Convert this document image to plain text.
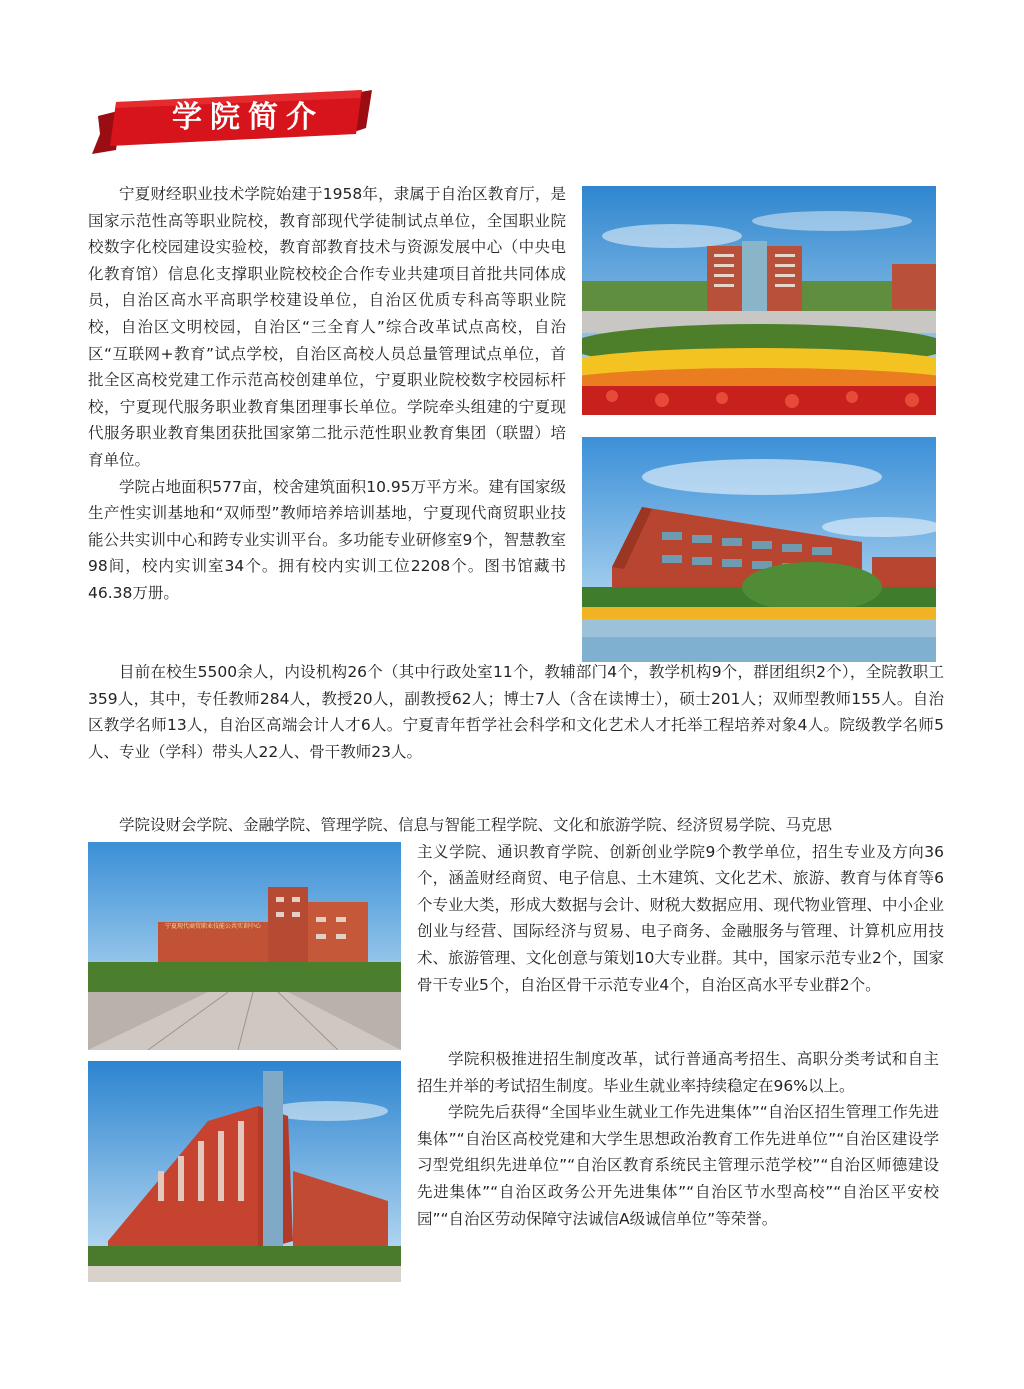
学院简介

宁夏财经职业技术学院始建于1958年，隶属于自治区教育厅，是国家示范性高等职业院校，教育部现代学徒制试点单位，全国职业院校数字化校园建设实验校，教育部教育技术与资源发展中心（中央电化教育馆）信息化支撑职业院校校企合作专业共建项目首批共同体成员，自治区高水平高职学校建设单位，自治区优质专科高等职业院校，自治区文明校园，自治区“三全育人”综合改革试点高校，自治区“互联网+教育”试点学校，自治区高校人员总量管理试点单位，首批全区高校党建工作示范高校创建单位，宁夏职业院校数字校园标杆校，宁夏现代服务职业教育集团理事长单位。学院牵头组建的宁夏现代服务职业教育集团获批国家第二批示范性职业教育集团（联盟）培育单位。

学院占地面积577亩，校舍建筑面积10.95万平方米。建有国家级生产性实训基地和“双师型”教师培养培训基地，宁夏现代商贸职业技能公共实训中心和跨专业实训平台。多功能专业研修室9个，智慧教室98间，校内实训室34个。拥有校内实训工位2208个。图书馆藏书46.38万册。

目前在校生5500余人，内设机构26个（其中行政处室11个，教辅部门4个，教学机构9个，群团组织2个），全院教职工359人，其中，专任教师284人，教授20人，副教授62人；博士7人（含在读博士），硕士201人；双师型教师155人。自治区教学名师13人，自治区高端会计人才6人。宁夏青年哲学社会科学和文化艺术人才托举工程培养对象4人。院级教学名师5人、专业（学科）带头人22人、骨干教师23人。

学院设财会学院、金融学院、管理学院、信息与智能工程学院、文化和旅游学院、经济贸易学院、马克思

主义学院、通识教育学院、创新创业学院9个教学单位，招生专业及方向36个，涵盖财经商贸、电子信息、土木建筑、文化艺术、旅游、教育与体育等6个专业大类，形成大数据与会计、财税大数据应用、现代物业管理、中小企业创业与经营、国际经济与贸易、电子商务、金融服务与管理、计算机应用技术、旅游管理、文化创意与策划10大专业群。其中，国家示范专业2个，国家骨干专业5个，自治区骨干示范专业4个，自治区高水平专业群2个。

学院积极推进招生制度改革，试行普通高考招生、高职分类考试和自主招生并举的考试招生制度。毕业生就业率持续稳定在96%以上。

学院先后获得“全国毕业生就业工作先进集体”“自治区招生管理工作先进集体”“自治区高校党建和大学生思想政治教育工作先进单位”“自治区建设学习型党组织先进单位”“自治区教育系统民主管理示范学校”“自治区师德建设先进集体”“自治区政务公开先进集体”“自治区节水型高校”“自治区平安校园”“自治区劳动保障守法诚信A级诚信单位”等荣誉。

宁夏现代商贸职业技能公共实训中心
